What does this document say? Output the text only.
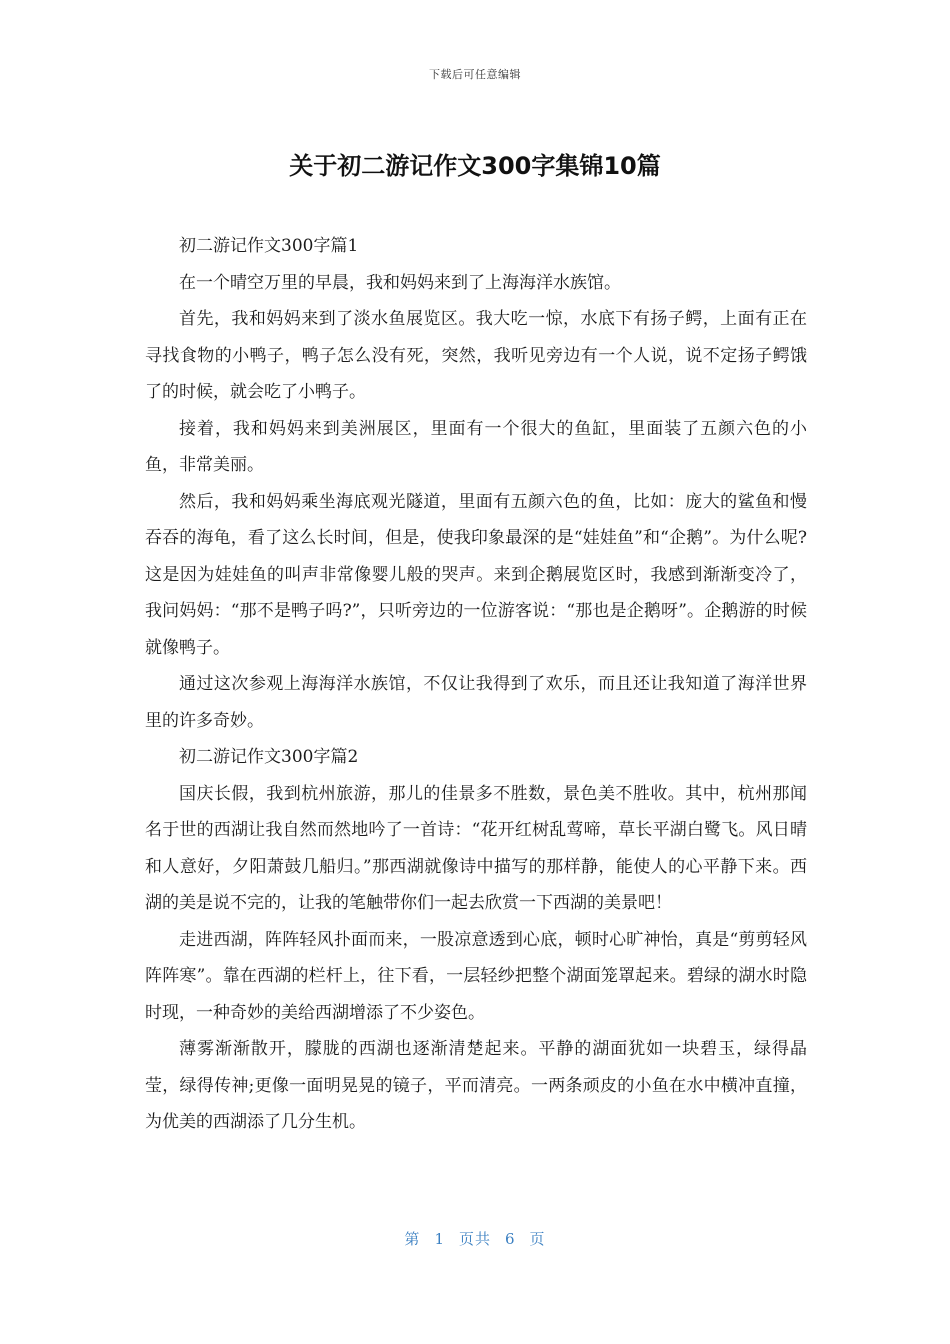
下载后可任意编辑
关于初二游记作文300字集锦10篇

初二游记作文300字篇1

在一个晴空万里的早晨，我和妈妈来到了上海海洋水族馆。

首先，我和妈妈来到了淡水鱼展览区。我大吃一惊，水底下有扬子鳄，上面有正在寻找食物的小鸭子，鸭子怎么没有死，突然，我听见旁边有一个人说，说不定扬子鳄饿了的时候，就会吃了小鸭子。

接着，我和妈妈来到美洲展区，里面有一个很大的鱼缸，里面装了五颜六色的小鱼，非常美丽。

然后，我和妈妈乘坐海底观光隧道，里面有五颜六色的鱼，比如：庞大的鲨鱼和慢吞吞的海龟，看了这么长时间，但是，使我印象最深的是“娃娃鱼”和“企鹅”。为什么呢?这是因为娃娃鱼的叫声非常像婴儿般的哭声。来到企鹅展览区时，我感到渐渐变冷了，我问妈妈：“那不是鸭子吗?”，只听旁边的一位游客说：“那也是企鹅呀”。企鹅游的时候就像鸭子。

通过这次参观上海海洋水族馆，不仅让我得到了欢乐，而且还让我知道了海洋世界里的许多奇妙。

初二游记作文300字篇2

国庆长假，我到杭州旅游，那儿的佳景多不胜数，景色美不胜收。其中，杭州那闻名于世的西湖让我自然而然地吟了一首诗：“花开红树乱莺啼，草长平湖白鹭飞。风日晴和人意好，夕阳萧鼓几船归。”那西湖就像诗中描写的那样静，能使人的心平静下来。西湖的美是说不完的，让我的笔触带你们一起去欣赏一下西湖的美景吧！

走进西湖，阵阵轻风扑面而来，一股凉意透到心底，顿时心旷神怡，真是“剪剪轻风阵阵寒”。靠在西湖的栏杆上，往下看，一层轻纱把整个湖面笼罩起来。碧绿的湖水时隐时现，一种奇妙的美给西湖增添了不少姿色。

薄雾渐渐散开，朦胧的西湖也逐渐清楚起来。平静的湖面犹如一块碧玉，绿得晶莹，绿得传神;更像一面明晃晃的镜子，平而清亮。一两条顽皮的小鱼在水中横冲直撞，为优美的西湖添了几分生机。

第 1 页共 6 页
